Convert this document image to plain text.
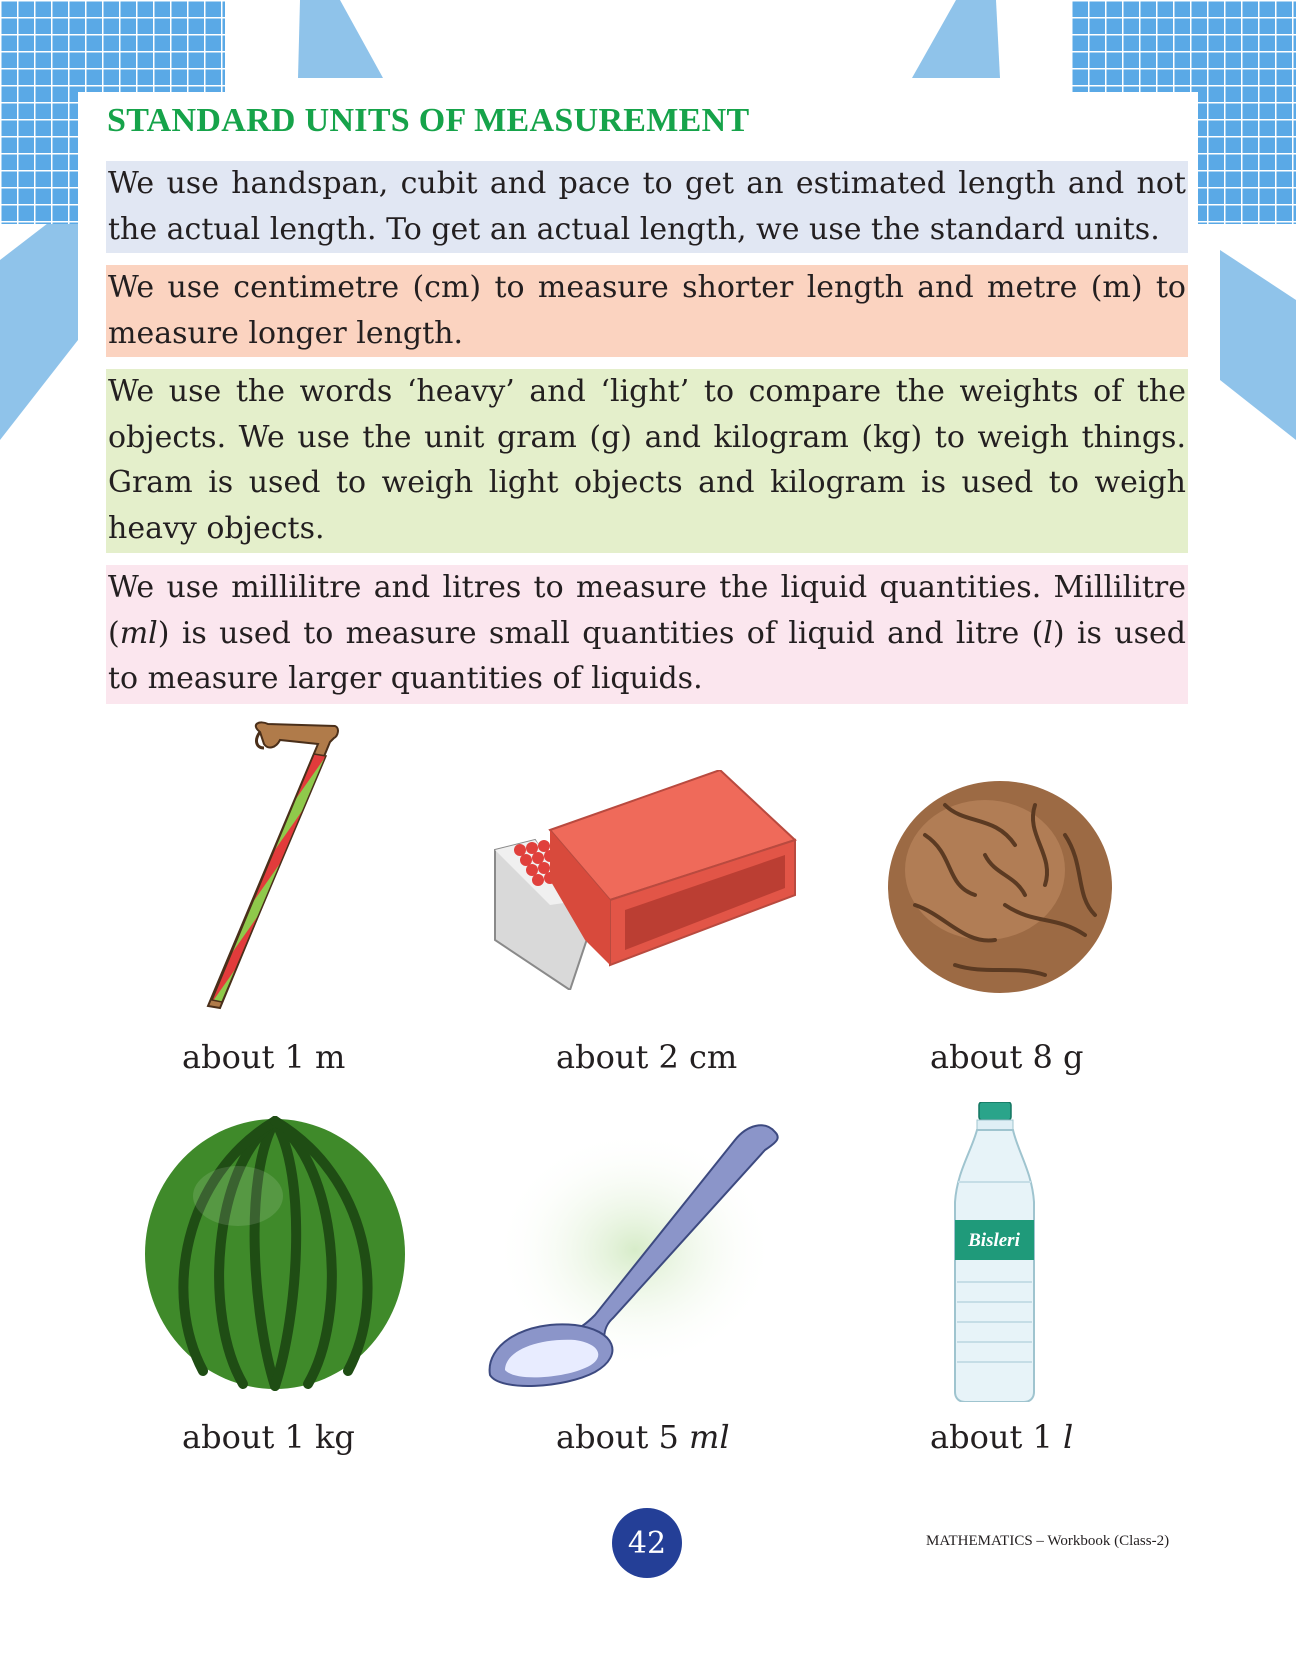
STANDARD UNITS OF MEASUREMENT

We use handspan, cubit and pace to get an estimated length and not the actual length. To get an actual length, we use the standard units.

We use centimetre (cm) to measure shorter length and metre (m) to measure longer length.

We use the words ‘heavy’ and ‘light’ to compare the weights of the objects. We use the unit gram (g) and kilogram (kg) to weigh things. Gram is used to weigh light objects and kilogram is used to weigh heavy objects.

We use millilitre and litres to measure the liquid quantities. Millilitre (ml) is used to measure small quantities of liquid and litre (l) is used to measure larger quantities of liquids.

about 1 m	about 2 cm	about 8 g
about 1 kg	about 5 ml
Bisleri
about 1 l
42	MATHEMATICS – Workbook (Class-2)
